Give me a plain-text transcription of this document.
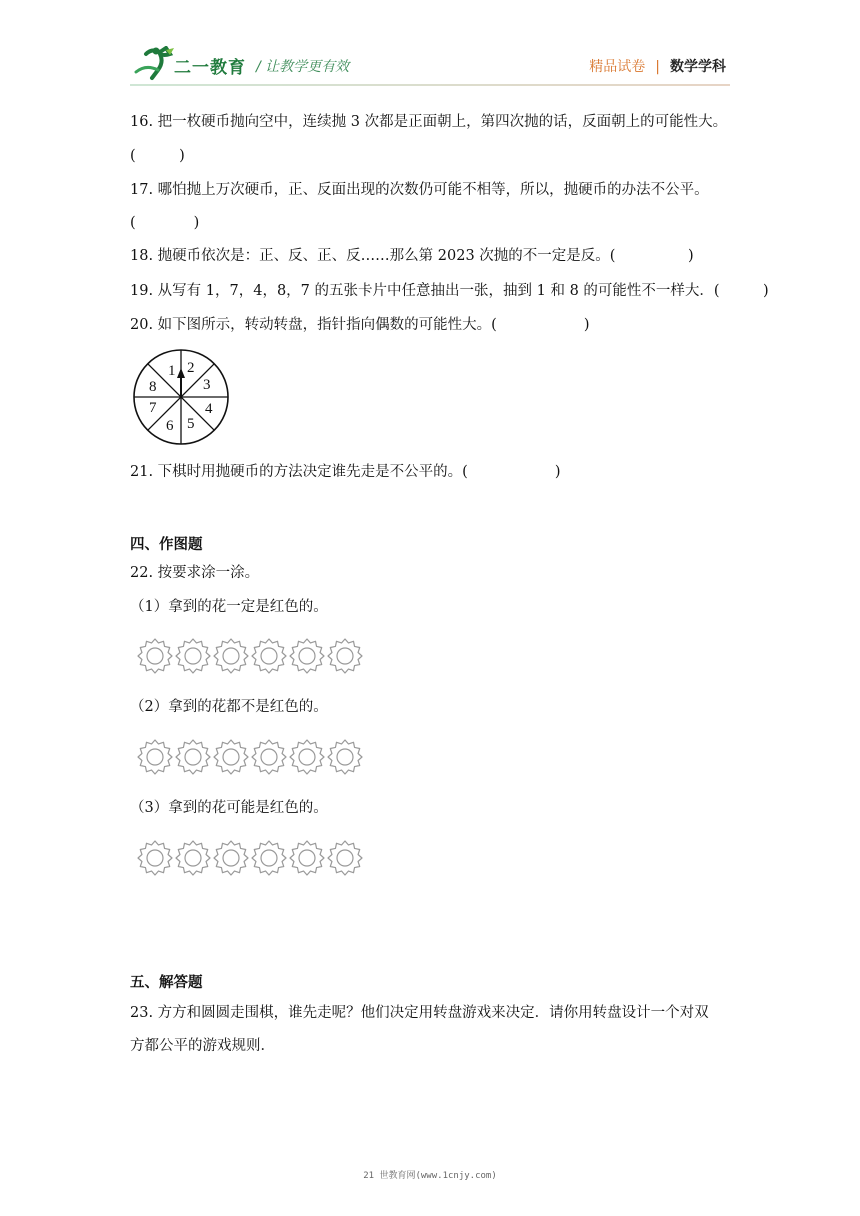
二一教育 / 让教学更有效	精品试卷 | 数学学科
16. 把一枚硬币抛向空中，连续抛 3 次都是正面朝上，第四次抛的话，反面朝上的可能性大。
(　　　)
17. 哪怕抛上万次硬币，正、反面出现的次数仍可能不相等，所以，抛硬币的办法不公平。
(　　　　)
18. 抛硬币依次是：正、反、正、反……那么第 2023 次抛的不一定是反。(　　　　　)
19. 从写有 1，7，4，8，7 的五张卡片中任意抽出一张，抽到 1 和 8 的可能性不一样大．(　　　)
20. 如下图所示，转动转盘，指针指向偶数的可能性大。(　　　　　　)
1 2
3
4
5
6
7
8
21. 下棋时用抛硬币的方法决定谁先走是不公平的。(　　　　　　)
四、作图题
22. 按要求涂一涂。
（1）拿到的花一定是红色的。
（2）拿到的花都不是红色的。
（3）拿到的花可能是红色的。
五、解答题
23. 方方和圆圆走围棋，谁先走呢？他们决定用转盘游戏来决定．请你用转盘设计一个对双
方都公平的游戏规则．
21 世教育网(www.1cnjy.com)
